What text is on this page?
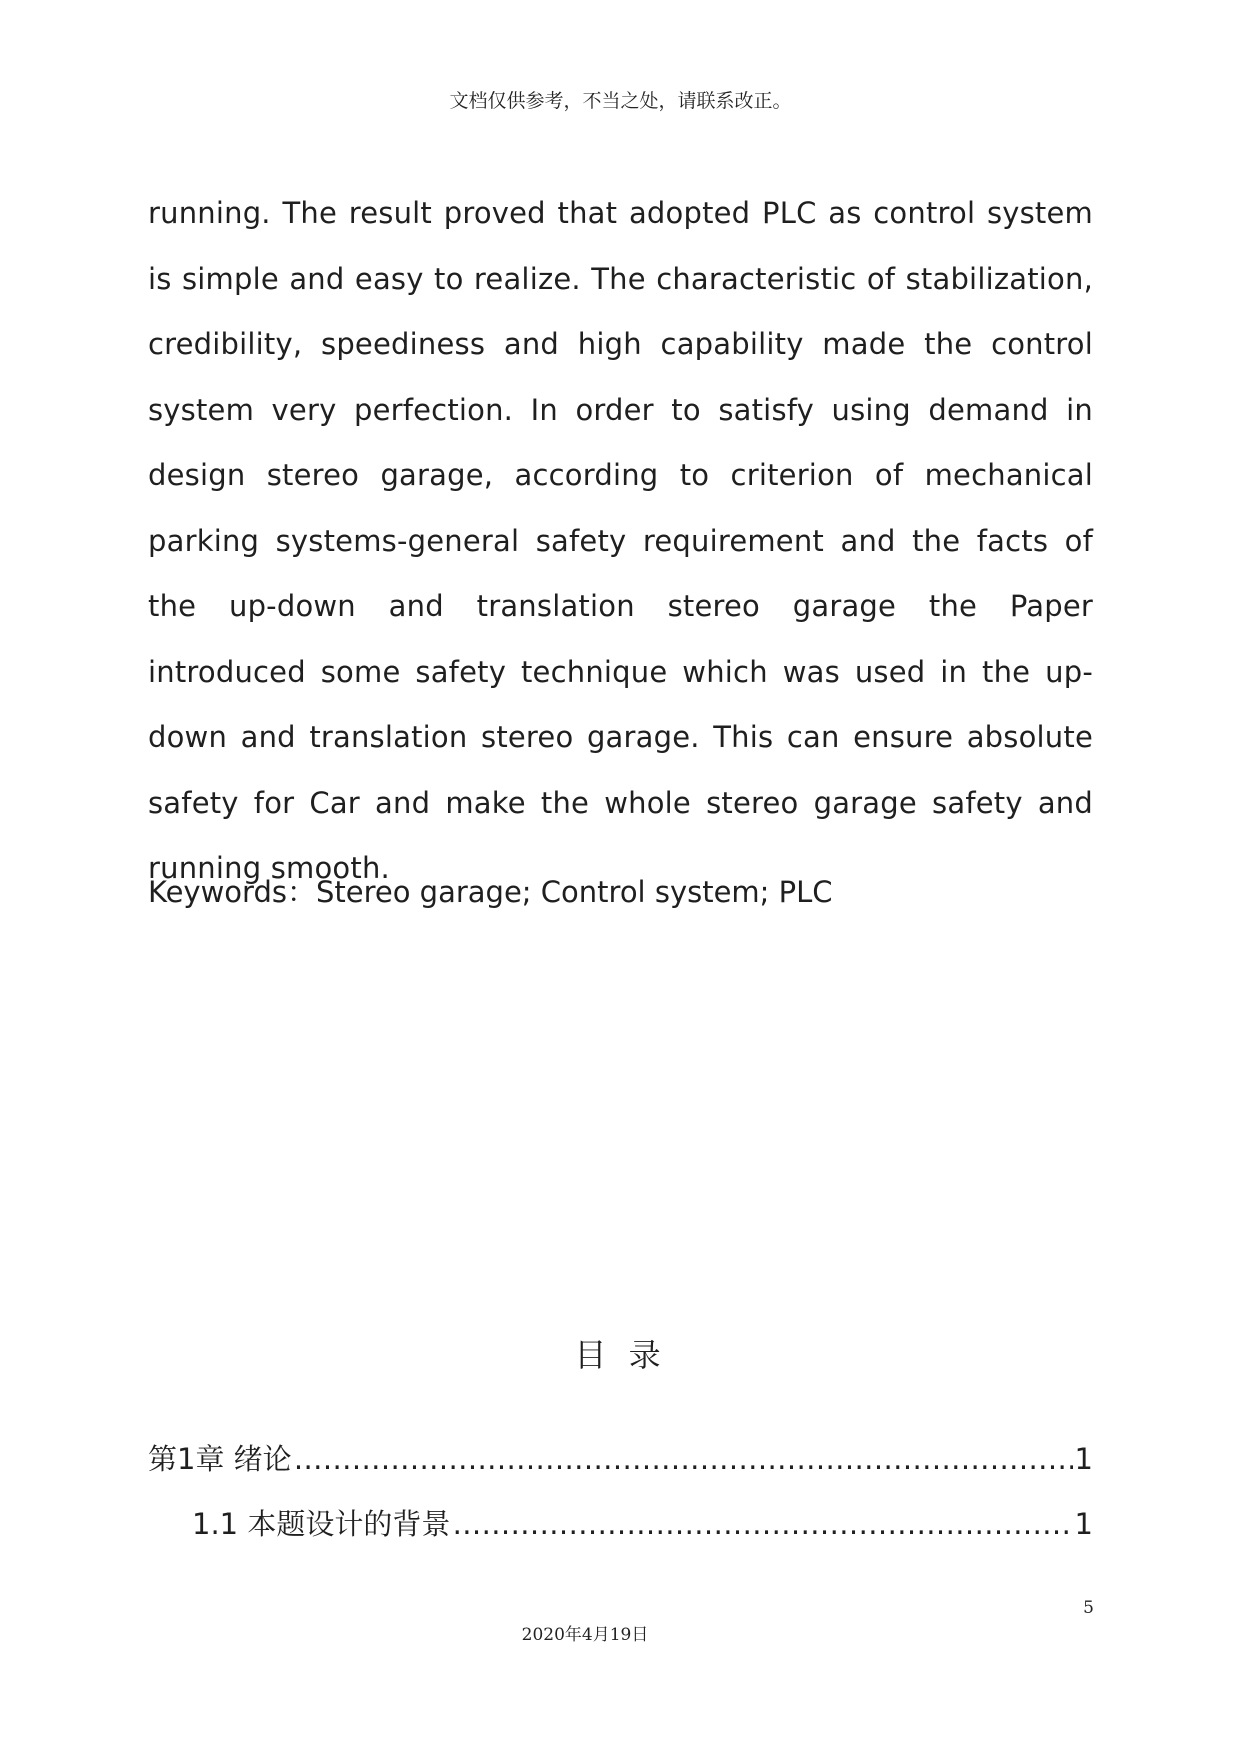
文档仅供参考，不当之处，请联系改正。

running. The result proved that adopted PLC as control system is simple and easy to realize. The characteristic of stabilization, credibility, speediness and high capability made the control system very perfection. In order to satisfy using demand in design stereo garage, according to criterion of mechanical parking systems-general safety requirement and the facts of the up-down and translation stereo garage the Paper introduced some safety technique which was used in the up-down and translation stereo garage. This can ensure absolute safety for Car and make the whole stereo garage safety and running smooth.

Keywords：Stereo garage; Control system; PLC
目 录
第1章 绪论 …………………………………………………………………………………………………………………………	1
1.1 本题设计的背景 …………………………………………………………………………………………………………………………	1
5
2020年4月19日
